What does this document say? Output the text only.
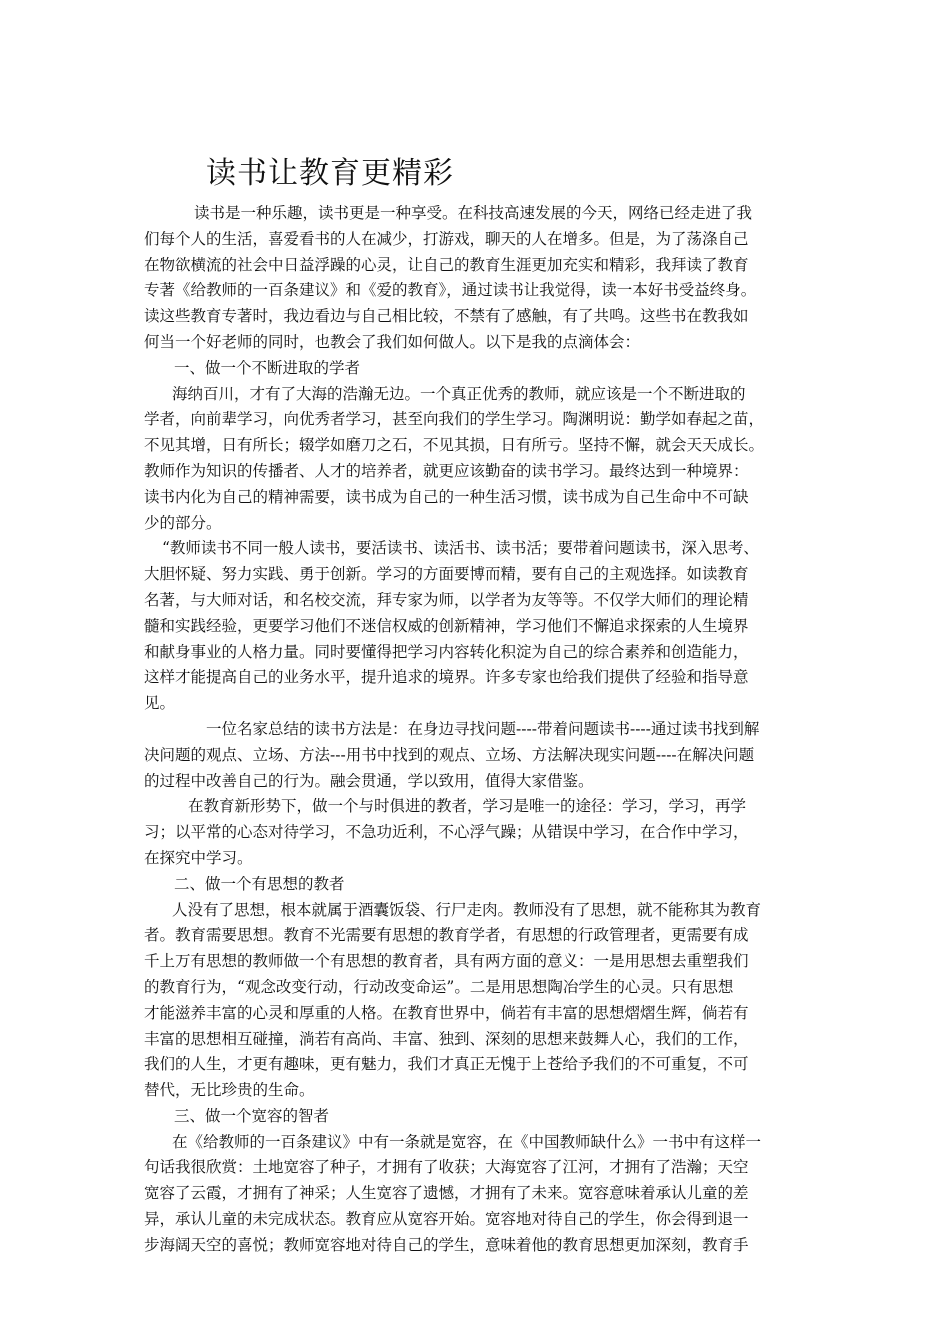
读书让教育更精彩
读书是一种乐趣，读书更是一种享受。在科技高速发展的今天，网络已经走进了我
们每个人的生活，喜爱看书的人在减少，打游戏，聊天的人在增多。但是，为了荡涤自己
在物欲横流的社会中日益浮躁的心灵，让自己的教育生涯更加充实和精彩，我拜读了教育
专著《给教师的一百条建议》和《爱的教育》，通过读书让我觉得，读一本好书受益终身。
读这些教育专著时，我边看边与自己相比较，不禁有了感触，有了共鸣。这些书在教我如
何当一个好老师的同时，也教会了我们如何做人。以下是我的点滴体会：
一、做一个不断进取的学者
海纳百川，才有了大海的浩瀚无边。一个真正优秀的教师，就应该是一个不断进取的
学者，向前辈学习，向优秀者学习，甚至向我们的学生学习。陶渊明说：勤学如春起之苗，
不见其增，日有所长；辍学如磨刀之石，不见其损，日有所亏。坚持不懈，就会天天成长。
教师作为知识的传播者、人才的培养者，就更应该勤奋的读书学习。最终达到一种境界：
读书内化为自己的精神需要，读书成为自己的一种生活习惯，读书成为自己生命中不可缺
少的部分。
“教师读书不同一般人读书，要活读书、读活书、读书活；要带着问题读书，深入思考、
大胆怀疑、努力实践、勇于创新。学习的方面要博而精，要有自己的主观选择。如读教育
名著，与大师对话，和名校交流，拜专家为师，以学者为友等等。不仅学大师们的理论精
髓和实践经验，更要学习他们不迷信权威的创新精神，学习他们不懈追求探索的人生境界
和献身事业的人格力量。同时要懂得把学习内容转化积淀为自己的综合素养和创造能力，
这样才能提高自己的业务水平，提升追求的境界。许多专家也给我们提供了经验和指导意
见。
一位名家总结的读书方法是：在身边寻找问题----带着问题读书----通过读书找到解
决问题的观点、立场、方法---用书中找到的观点、立场、方法解决现实问题----在解决问题
的过程中改善自己的行为。融会贯通，学以致用，值得大家借鉴。
在教育新形势下，做一个与时俱进的教者，学习是唯一的途径：学习，学习，再学
习；以平常的心态对待学习，不急功近利，不心浮气躁；从错误中学习，在合作中学习，
在探究中学习。
二、做一个有思想的教者
人没有了思想，根本就属于酒囊饭袋、行尸走肉。教师没有了思想，就不能称其为教育
者。教育需要思想。教育不光需要有思想的教育学者，有思想的行政管理者，更需要有成
千上万有思想的教师做一个有思想的教育者，具有两方面的意义：一是用思想去重塑我们
的教育行为，“观念改变行动，行动改变命运”。二是用思想陶冶学生的心灵。只有思想
才能滋养丰富的心灵和厚重的人格。在教育世界中，倘若有丰富的思想熠熠生辉，倘若有
丰富的思想相互碰撞，淌若有高尚、丰富、独到、深刻的思想来鼓舞人心，我们的工作，
我们的人生，才更有趣味，更有魅力，我们才真正无愧于上苍给予我们的不可重复，不可
替代，无比珍贵的生命。
三、做一个宽容的智者
在《给教师的一百条建议》中有一条就是宽容，在《中国教师缺什么》一书中有这样一
句话我很欣赏：土地宽容了种子，才拥有了收获；大海宽容了江河，才拥有了浩瀚；天空
宽容了云霞，才拥有了神采；人生宽容了遗憾，才拥有了未来。宽容意味着承认儿童的差
异，承认儿童的未完成状态。教育应从宽容开始。宽容地对待自己的学生，你会得到退一
步海阔天空的喜悦；教师宽容地对待自己的学生，意味着他的教育思想更加深刻，教育手
